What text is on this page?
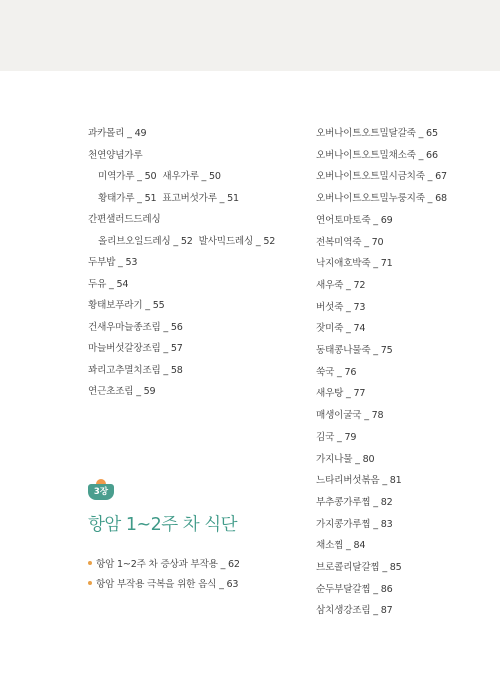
과카몰리 _ 49
천연양념가루
미역가루 _ 50 새우가루 _ 50
황태가루 _ 51 표고버섯가루 _ 51
간편샐러드드레싱
올리브오일드레싱 _ 52 발사믹드레싱 _ 52
두부밥 _ 53
두유 _ 54
황태보푸라기 _ 55
건새우마늘종조림 _ 56
마늘버섯갈장조림 _ 57
꽈리고추멸치조림 _ 58
연근초조림 _ 59
오버나이트오트밀달갈죽 _ 65
오버나이트오트밀채소죽 _ 66
오버나이트오트밀시금치죽 _ 67
오버나이트오트밀누룽지죽 _ 68
연어토마토죽 _ 69
전복미역죽 _ 70
낙지애호박죽 _ 71
새우죽 _ 72
버섯죽 _ 73
잣미죽 _ 74
동태콩나물죽 _ 75
쑥국 _ 76
새우탕 _ 77
매생이굴국 _ 78
김국 _ 79
가지나물 _ 80
느타리버섯볶음 _ 81
부추콩가루찜 _ 82
가지콩가루찜 _ 83
채소찜 _ 84
브로콜리달갈찜 _ 85
순두부달갈찜 _ 86
삼치생강조림 _ 87
3장
항암 1~2주 차 식단
항암 1~2주 차 증상과 부작용 _ 62
항암 부작용 극복을 위한 음식 _ 63
